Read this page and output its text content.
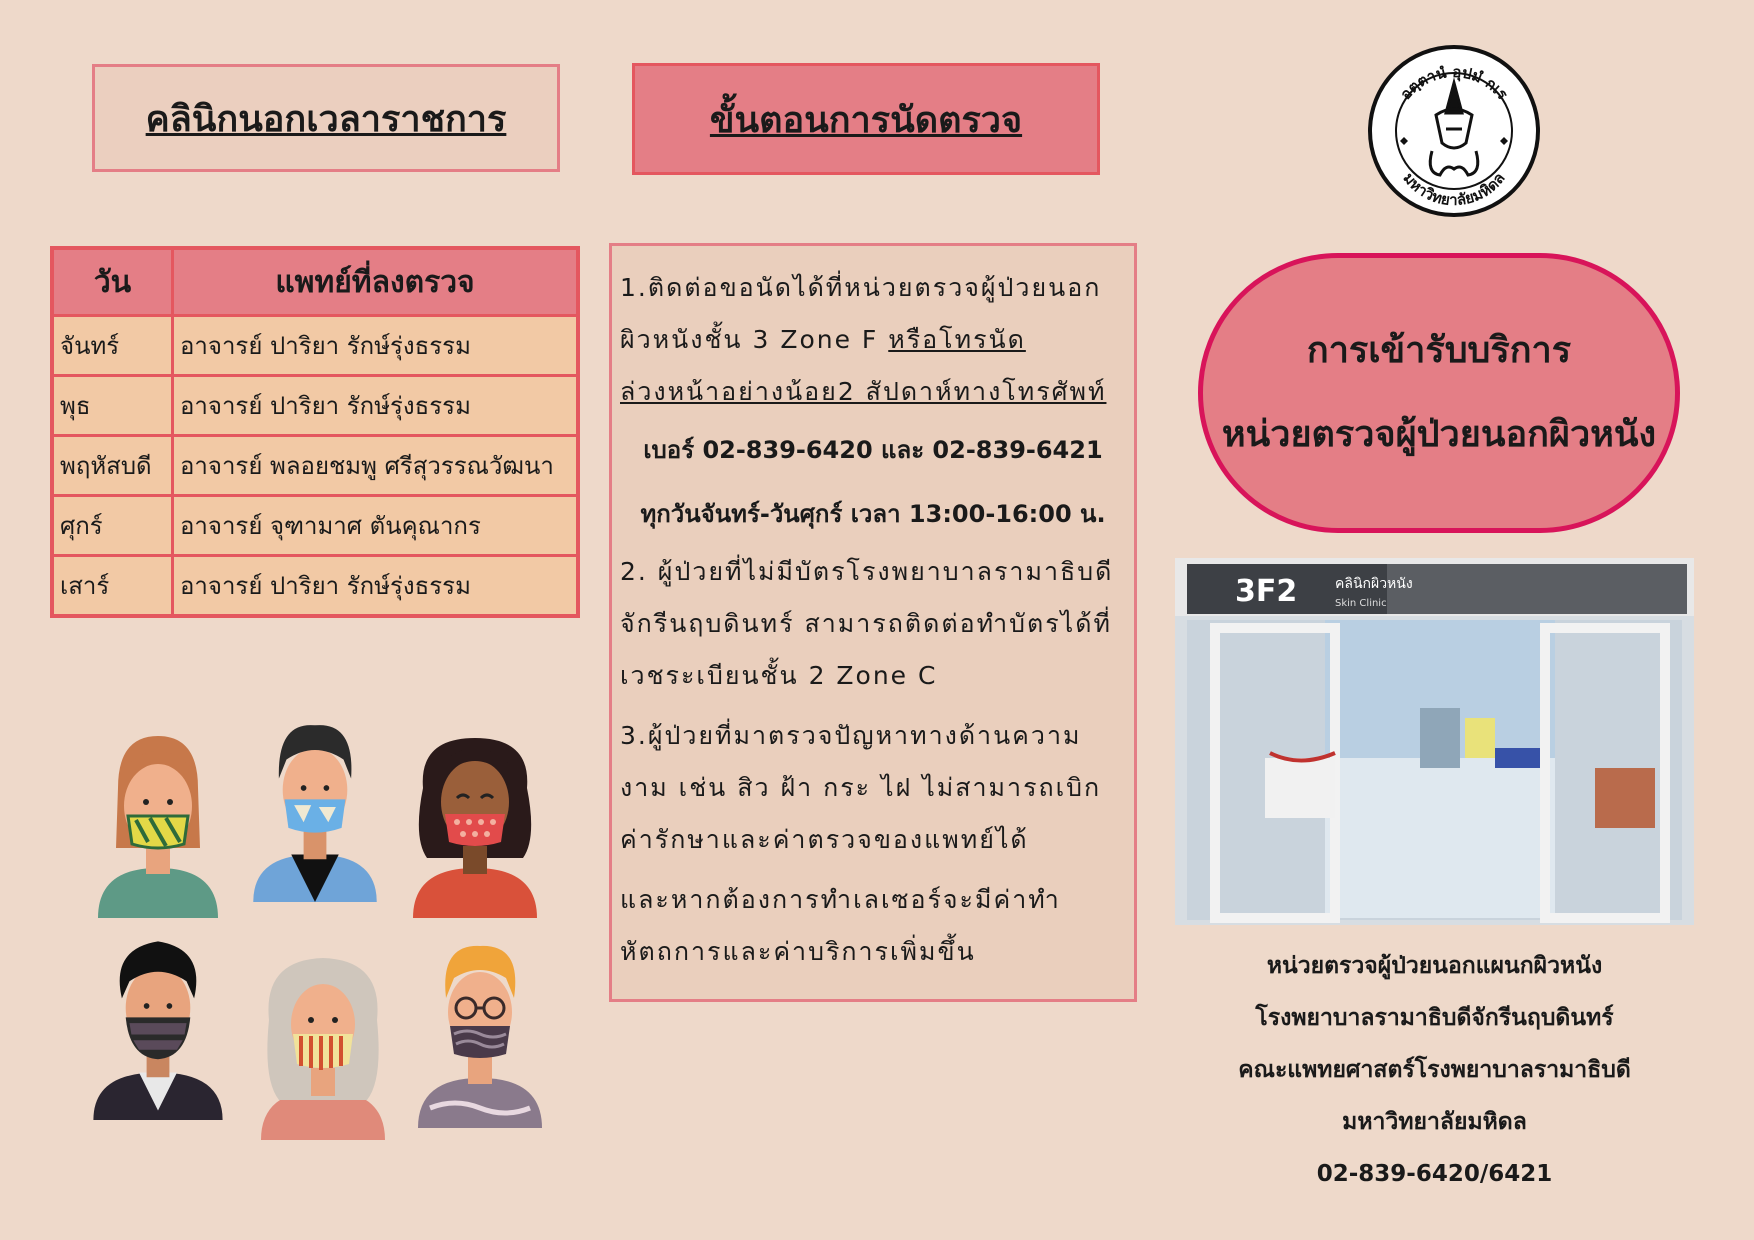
คลินิกนอกเวลาราชการ	ขั้นตอนการนัดตรวจ
อตฺตานํ อุปมํ กเร
มหาวิทยาลัยมหิดล
วัน	แพทย์ที่ลงตรวจ
จันทร์	อาจารย์ ปาริยา รักษ์รุ่งธรรม
พุธ	อาจารย์ ปาริยา รักษ์รุ่งธรรม
พฤหัสบดี	อาจารย์ พลอยชมพู ศรีสุวรรณวัฒนา
ศุกร์	อาจารย์ จุฑามาศ ตันคุณากร
เสาร์	อาจารย์ ปาริยา รักษ์รุ่งธรรม

1.ติดต่อขอนัดได้ที่หน่วยตรวจผู้ป่วยนอก

ผิวหนังชั้น 3 Zone F หรือโทรนัด

ล่วงหน้าอย่างน้อย2 สัปดาห์ทางโทรศัพท์

เบอร์ 02-839-6420 และ 02-839-6421

ทุกวันจันทร์-วันศุกร์ เวลา 13:00-16:00 น.

2. ผู้ป่วยที่ไม่มีบัตรโรงพยาบาลรามาธิบดี

จักรีนฤบดินทร์ สามารถติดต่อทำบัตรได้ที่

เวชระเบียนชั้น 2 Zone C

3.ผู้ป่วยที่มาตรวจปัญหาทางด้านความ

งาม เช่น สิว ฝ้า กระ ไฝ ไม่สามารถเบิก

ค่ารักษาและค่าตรวจของแพทย์ได้

และหากต้องการทำเลเซอร์จะมีค่าทำ

หัตถการและค่าบริการเพิ่มขึ้น

การเข้ารับบริการ
หน่วยตรวจผู้ป่วยนอกผิวหนัง
3F2	คลินิกผิวหนัง
Skin Clinic
หน่วยตรวจผู้ป่วยนอกแผนกผิวหนัง
โรงพยาบาลรามาธิบดีจักรีนฤบดินทร์
คณะแพทยศาสตร์โรงพยาบาลรามาธิบดี
มหาวิทยาลัยมหิดล
02-839-6420/6421
